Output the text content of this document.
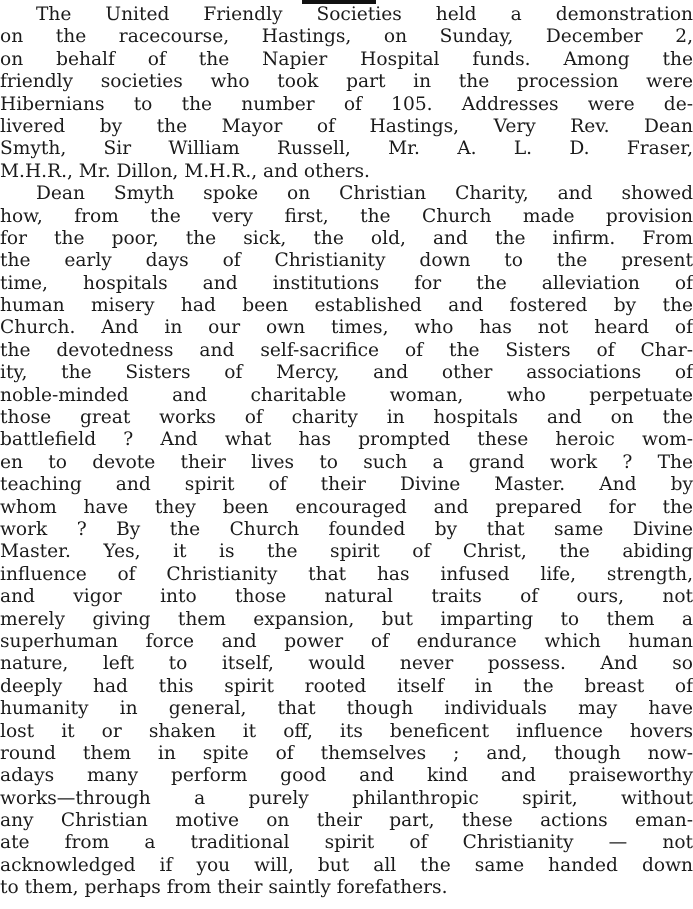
The United Friendly Societies held a demonstration
on the racecourse, Hastings, on Sunday, December 2,
on behalf of the Napier Hospital funds. Among the
friendly societies who took part in the procession were
Hibernians to the number of 105. Addresses were de-
livered by the Mayor of Hastings, Very Rev. Dean
Smyth, Sir William Russell, Mr. A. L. D. Fraser,
M.H.R., Mr. Dillon, M.H.R., and others.
Dean Smyth spoke on Christian Charity, and showed
how, from the very first, the Church made provision
for the poor, the sick, the old, and the infirm. From
the early days of Christianity down to the present
time, hospitals and institutions for the alleviation of
human misery had been established and fostered by the
Church. And in our own times, who has not heard of
the devotedness and self-sacrifice of the Sisters of Char-
ity, the Sisters of Mercy, and other associations of
noble-minded and charitable woman, who perpetuate
those great works of charity in hospitals and on the
battlefield ? And what has prompted these heroic wom-
en to devote their lives to such a grand work ? The
teaching and spirit of their Divine Master. And by
whom have they been encouraged and prepared for the
work ? By the Church founded by that same Divine
Master. Yes, it is the spirit of Christ, the abiding
influence of Christianity that has infused life, strength,
and vigor into those natural traits of ours, not
merely giving them expansion, but imparting to them a
superhuman force and power of endurance which human
nature, left to itself, would never possess. And so
deeply had this spirit rooted itself in the breast of
humanity in general, that though individuals may have
lost it or shaken it off, its beneficent influence hovers
round them in spite of themselves ; and, though now-
adays many perform good and kind and praiseworthy
works—through a purely philanthropic spirit, without
any Christian motive on their part, these actions eman-
ate from a traditional spirit of Christianity — not
acknowledged if you will, but all the same handed down
to them, perhaps from their saintly forefathers.
